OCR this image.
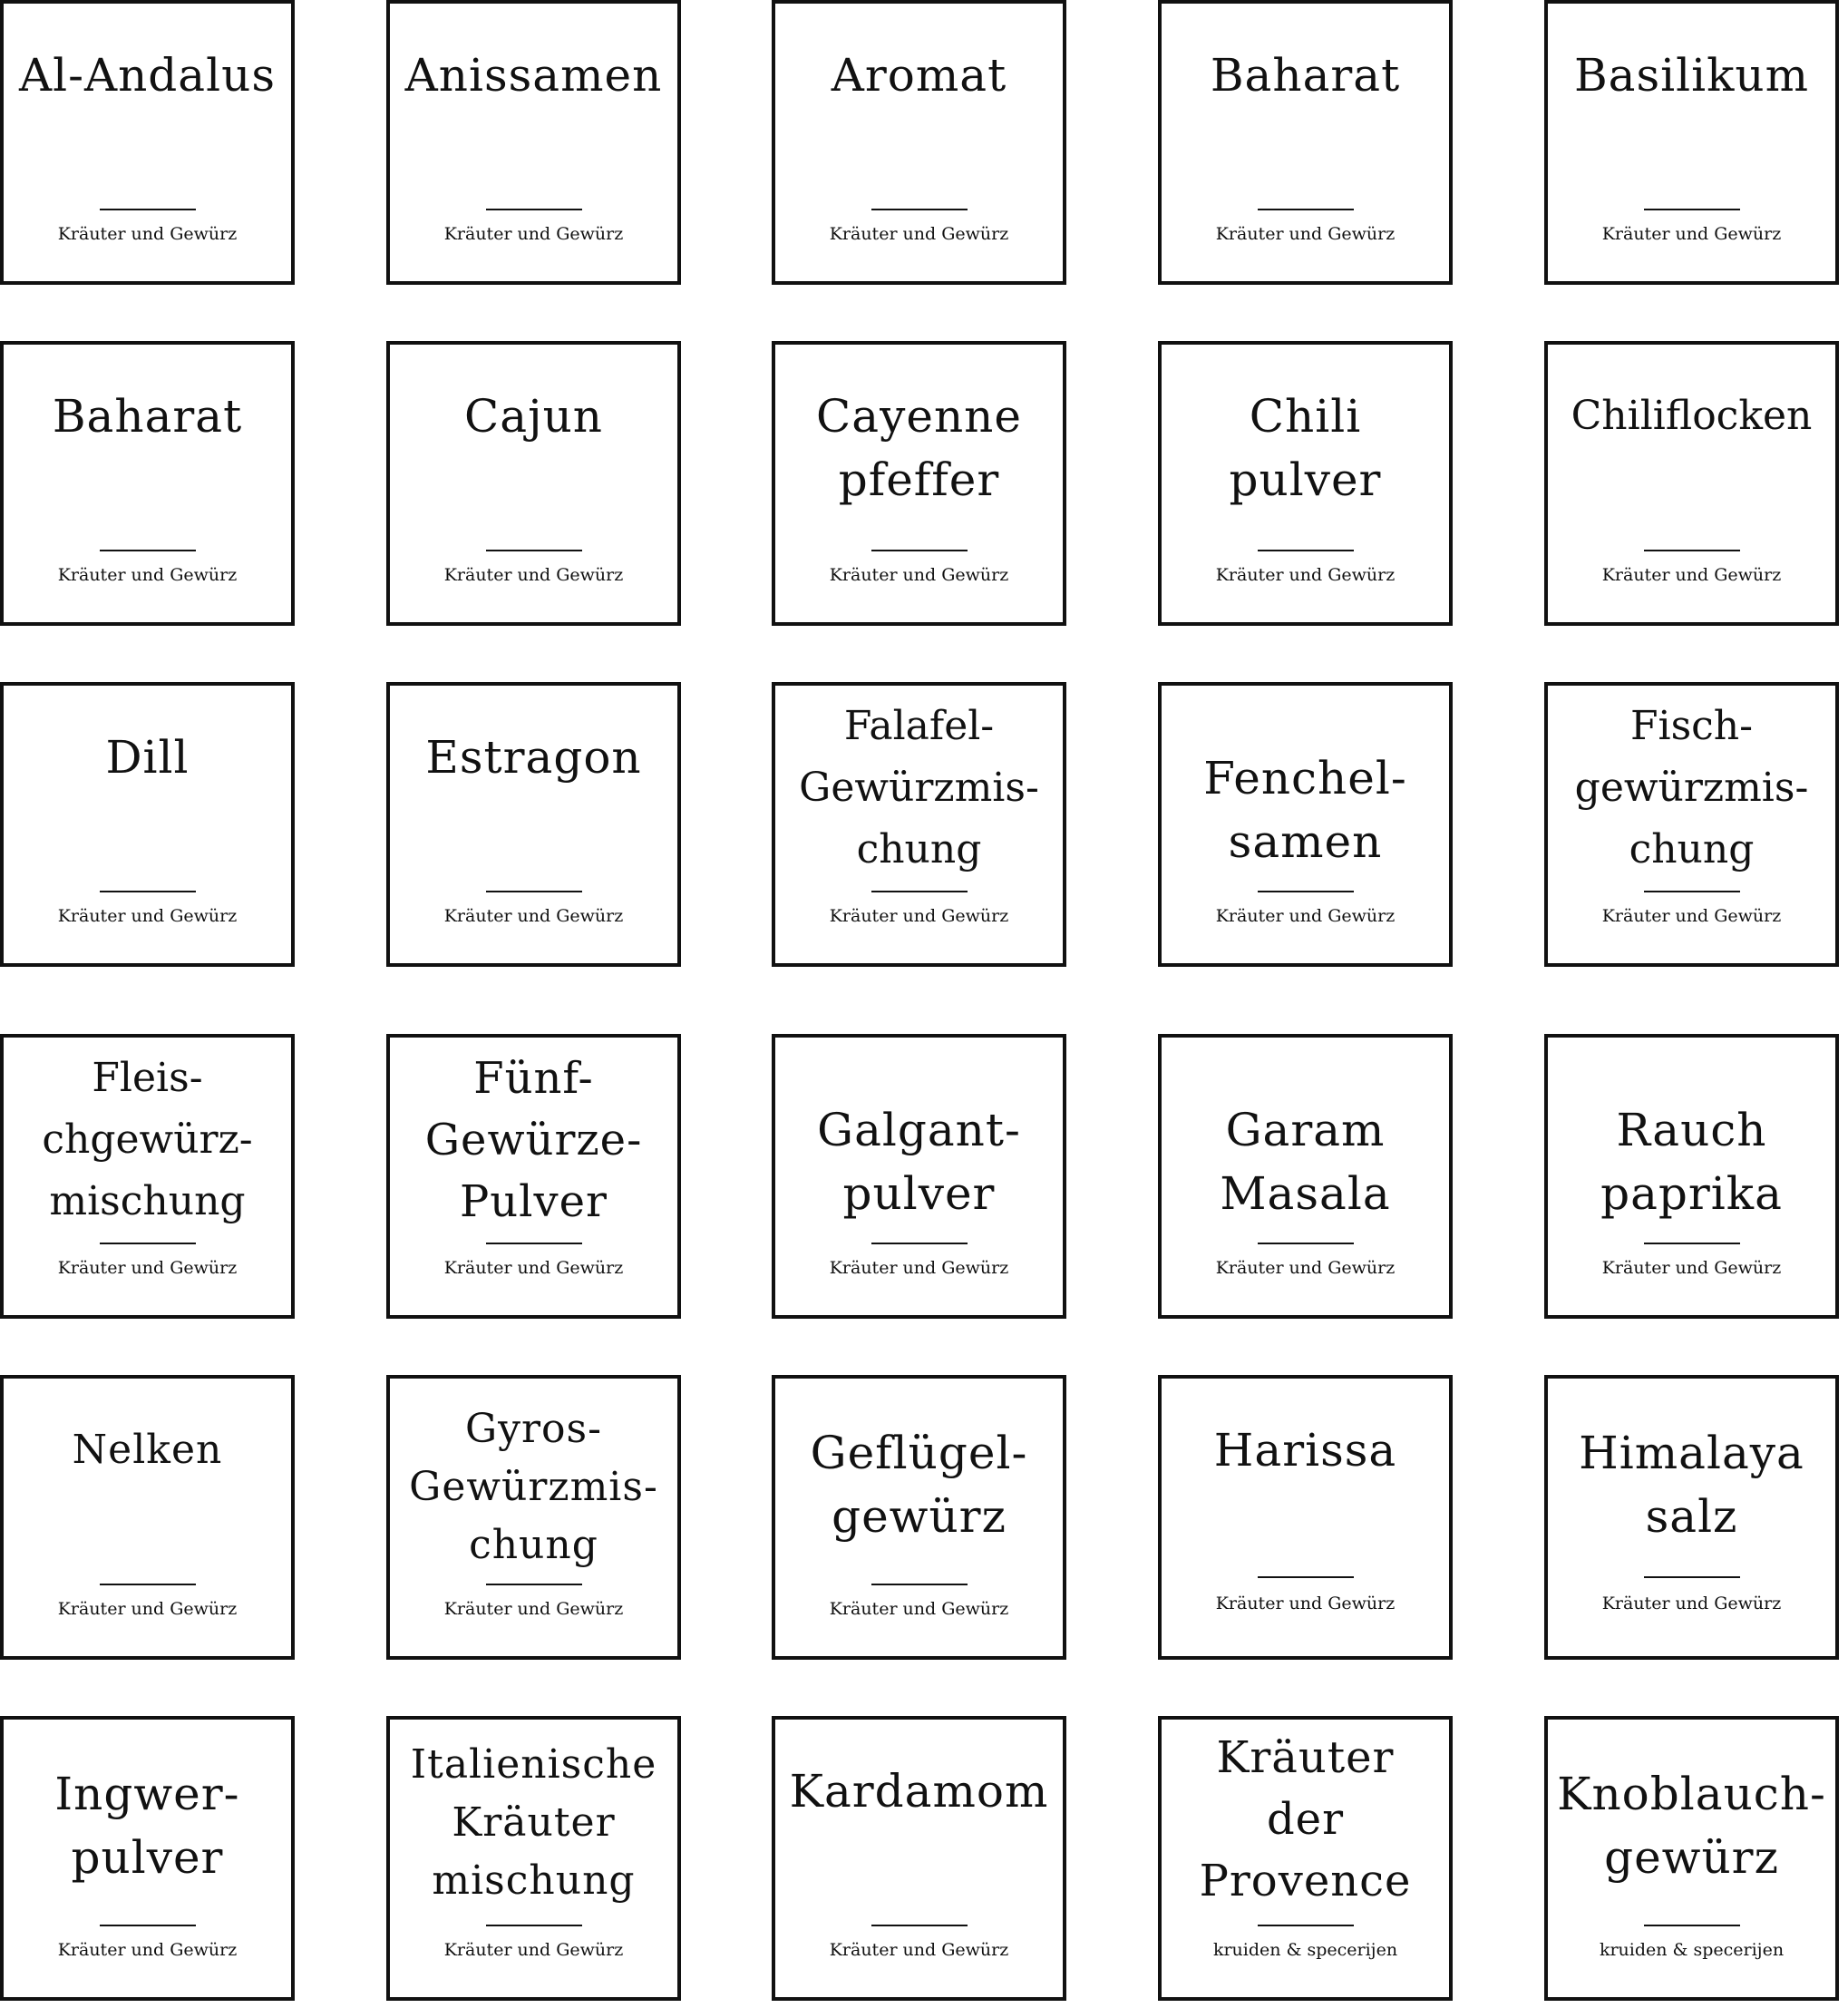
Al-Andalus
Kräuter und Gewürz
Anissamen
Kräuter und Gewürz
Aromat
Kräuter und Gewürz
Baharat
Kräuter und Gewürz
Basilikum
Kräuter und Gewürz
Baharat
Kräuter und Gewürz
Cajun
Kräuter und Gewürz
Cayenne
pfeffer
Kräuter und Gewürz
Chili
pulver
Kräuter und Gewürz
Chiliflocken
Kräuter und Gewürz
Dill
Kräuter und Gewürz
Estragon
Kräuter und Gewürz
Falafel-
Gewürzmis-
chung
Kräuter und Gewürz
Fenchel-
samen
Kräuter und Gewürz
Fisch-
gewürzmis-
chung
Kräuter und Gewürz
Fleis-
chgewürz-
mischung
Kräuter und Gewürz
Fünf-
Gewürze-
Pulver
Kräuter und Gewürz
Galgant-
pulver
Kräuter und Gewürz
Garam
Masala
Kräuter und Gewürz
Rauch
paprika
Kräuter und Gewürz
Nelken
Kräuter und Gewürz
Gyros-
Gewürzmis-
chung
Kräuter und Gewürz
Geflügel-
gewürz
Kräuter und Gewürz
Harissa
Kräuter und Gewürz
Himalaya
salz
Kräuter und Gewürz
Ingwer-
pulver
Kräuter und Gewürz
Italienische
Kräuter
mischung
Kräuter und Gewürz
Kardamom
Kräuter und Gewürz
Kräuter
der
Provence
kruiden & specerijen
Knoblauch-
gewürz
kruiden & specerijen
